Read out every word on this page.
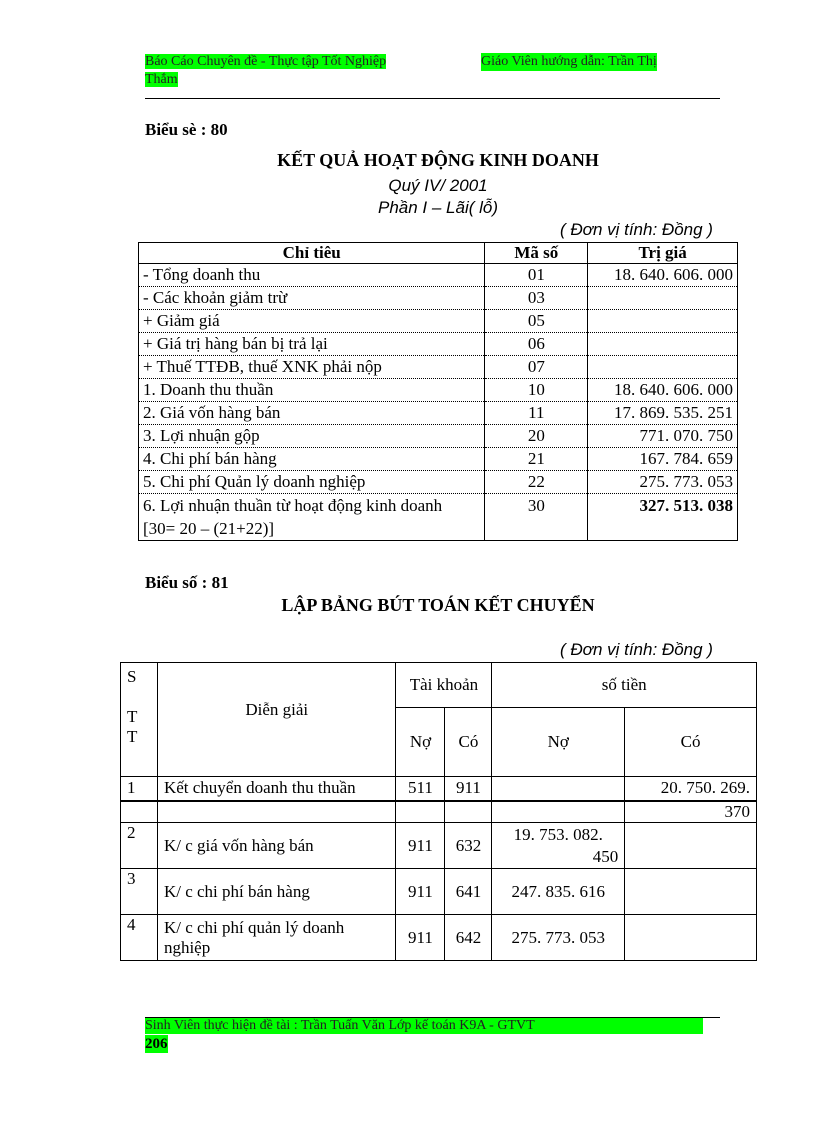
Báo Cáo Chuyên đề - Thực tập Tốt Nghiệp	Giáo Viên hướng dẫn: Trần Thị

Thắm
Biểu sè : 80
KẾT QUẢ HOẠT ĐỘNG KINH DOANH
Quý IV/ 2001
Phần I – Lãi( lỗ)
( Đơn vị tính: Đồng )
Chỉ tiêu	Mã số	Trị giá
- Tổng doanh thu	01	18. 640. 606. 000
- Các khoản giảm trừ	03	
+ Giảm giá	05	
+ Giá trị hàng bán bị trả lại	06	
+ Thuế TTĐB, thuế XNK phải nộp	07	
1. Doanh thu thuần	10	18. 640. 606. 000
2. Giá vốn hàng bán	11	17. 869. 535. 251
3. Lợi nhuận gộp	20	771. 070. 750
4. Chi phí bán hàng	21	167. 784. 659
5. Chi phí Quản lý doanh nghiệp	22	275. 773. 053
6. Lợi nhuận thuần từ hoạt động kinh doanh
[30= 20 – (21+22)]	30	327. 513. 038
Biểu số : 81
LẬP BẢNG BÚT TOÁN KẾT CHUYỂN
( Đơn vị tính: Đồng )
S

T
T	Diễn giải	Tài khoản		số tiền	
		Nợ	Có	Nợ	Có
1	Kết chuyển doanh thu thuần	511	911		20. 750. 269.
					370
2	K/ c giá vốn hàng bán	911	632	19. 753. 082.
450	

3	K/ c chi phí bán hàng	911	641	247. 835. 616	
4	K/ c chi phí quản lý doanh
nghiệp	911	642	275. 773. 053	
Sinh Viên thực hiện đề tài : Trần Tuấn Văn Lớp kế toán K9A - GTVT
206
